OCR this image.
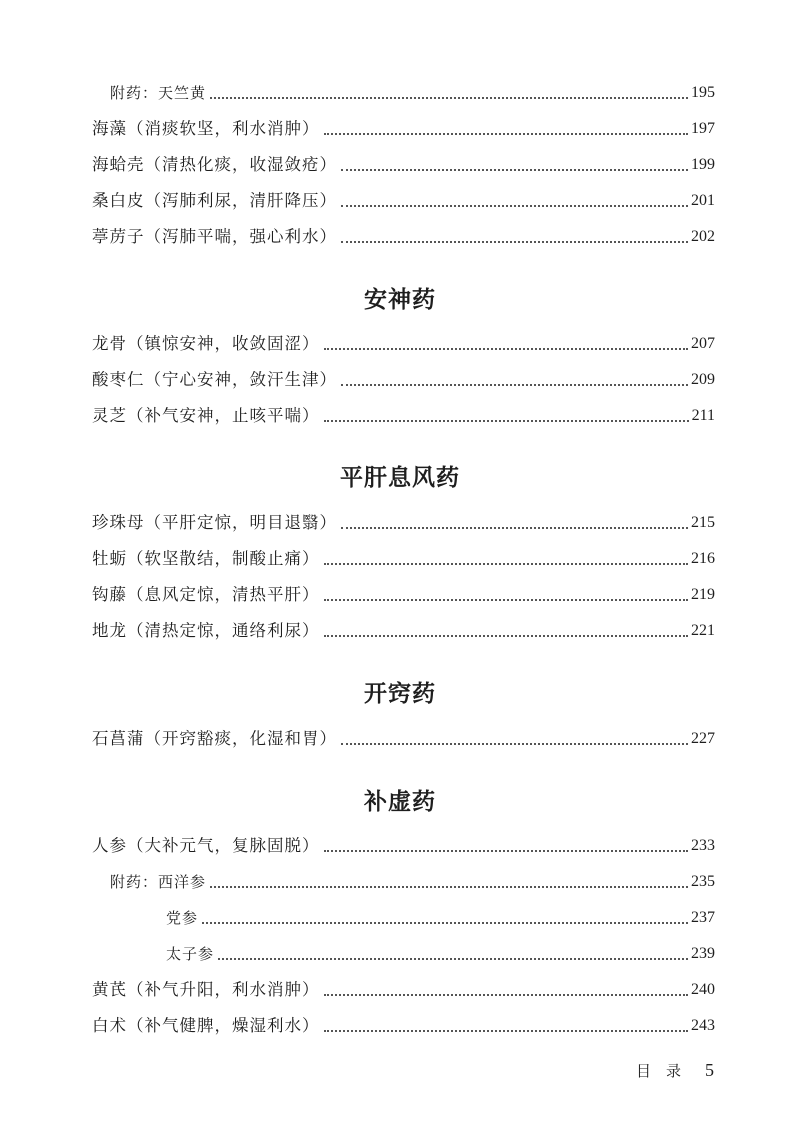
附药：天竺黄	195
海藻（消痰软坚，利水消肿）	197
海蛤壳（清热化痰，收湿敛疮）	199
桑白皮（泻肺利尿，清肝降压）	201
葶苈子（泻肺平喘，强心利水）	202
安神药
龙骨（镇惊安神，收敛固涩）	207
酸枣仁（宁心安神，敛汗生津）	209
灵芝（补气安神，止咳平喘）	211
平肝息风药
珍珠母（平肝定惊，明目退翳）	215
牡蛎（软坚散结，制酸止痛）	216
钩藤（息风定惊，清热平肝）	219
地龙（清热定惊，通络利尿）	221
开窍药
石菖蒲（开窍豁痰，化湿和胃）	227
补虚药
人参（大补元气，复脉固脱）	233
附药：西洋参	235
党参	237
太子参	239
黄芪（补气升阳，利水消肿）	240
白术（补气健脾，燥湿利水）	243
目　录 5
